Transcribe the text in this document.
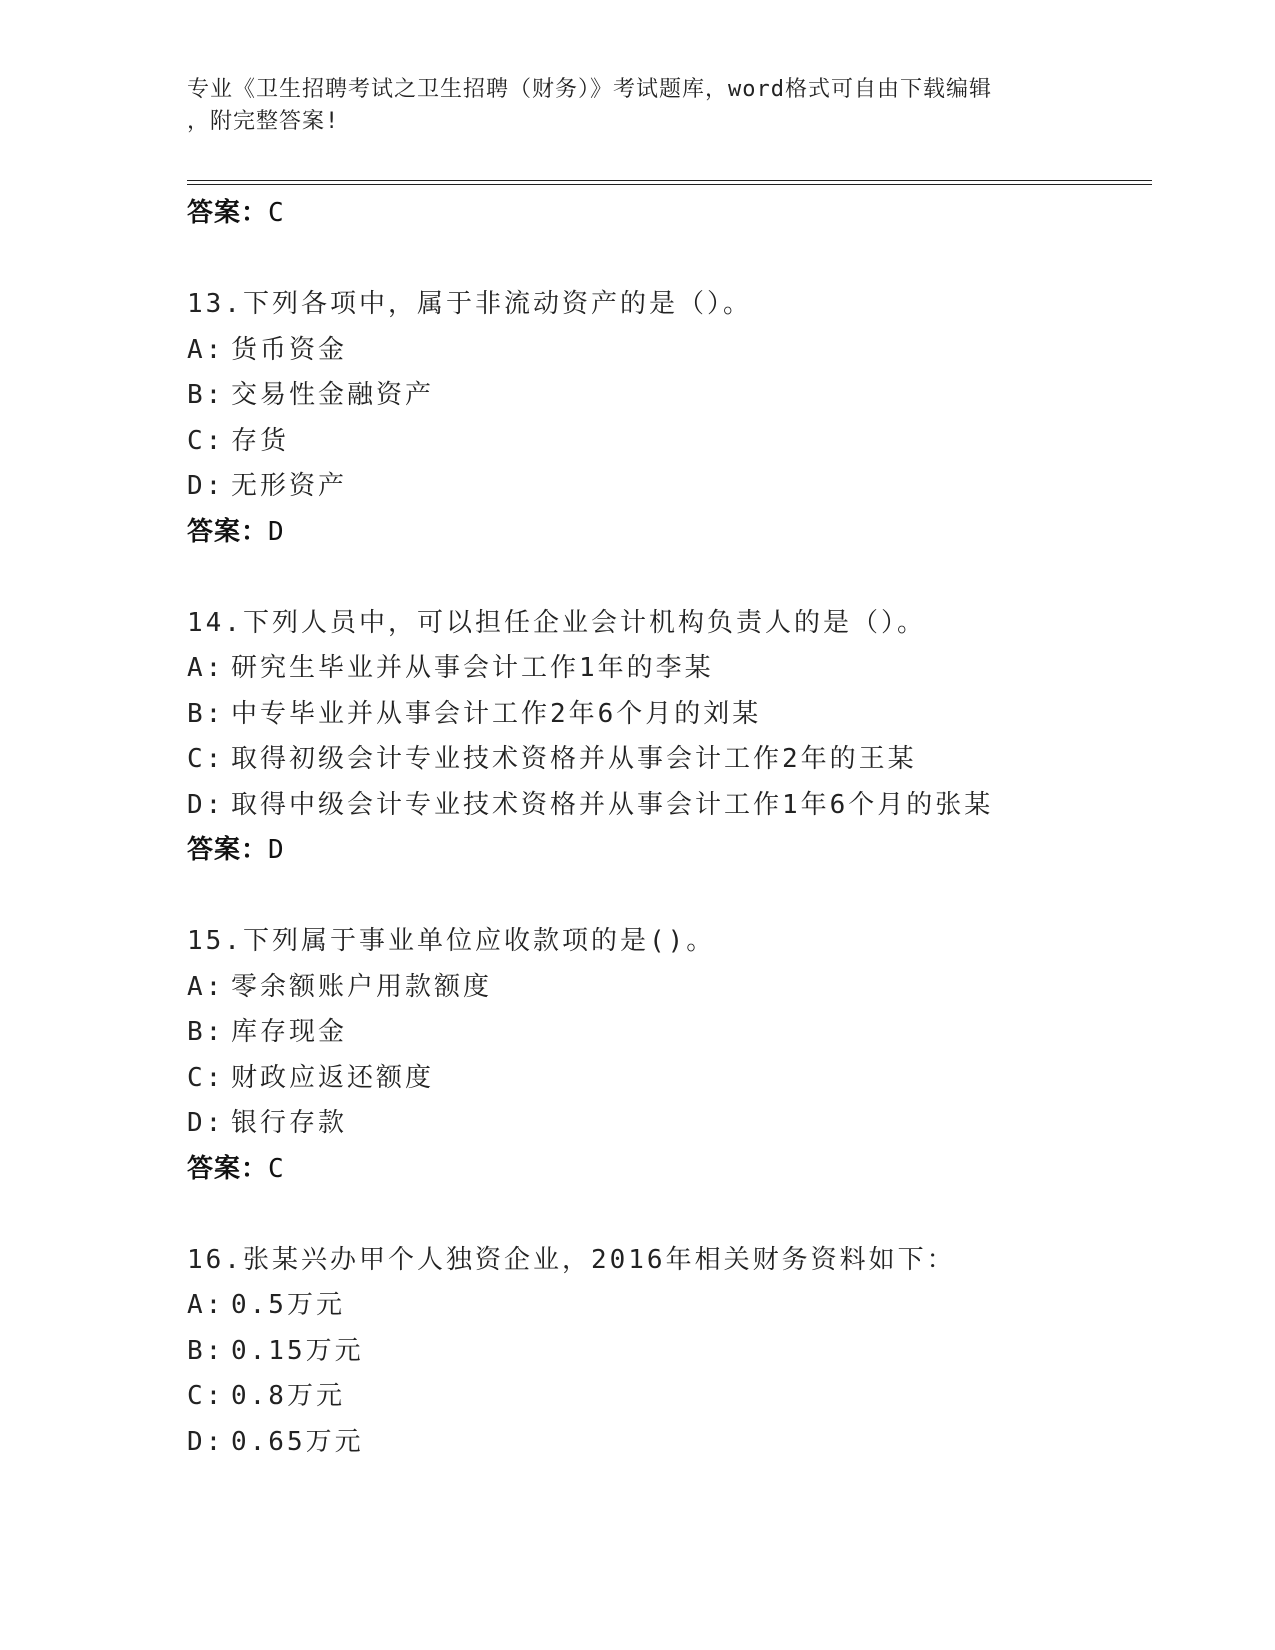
专业《卫生招聘考试之卫生招聘（财务）》考试题库，word格式可自由下载编辑
，附完整答案!
答案：C
13.下列各项中，属于非流动资产的是（）。
A: 货币资金
B: 交易性金融资产
C: 存货
D: 无形资产
答案：D
14.下列人员中，可以担任企业会计机构负责人的是（）。
A: 研究生毕业并从事会计工作1年的李某
B: 中专毕业并从事会计工作2年6个月的刘某
C: 取得初级会计专业技术资格并从事会计工作2年的王某
D: 取得中级会计专业技术资格并从事会计工作1年6个月的张某
答案：D
15.下列属于事业单位应收款项的是()。
A: 零余额账户用款额度
B: 库存现金
C: 财政应返还额度
D: 银行存款
答案：C
16.张某兴办甲个人独资企业，2016年相关财务资料如下：
A: 0.5万元
B: 0.15万元
C: 0.8万元
D: 0.65万元
